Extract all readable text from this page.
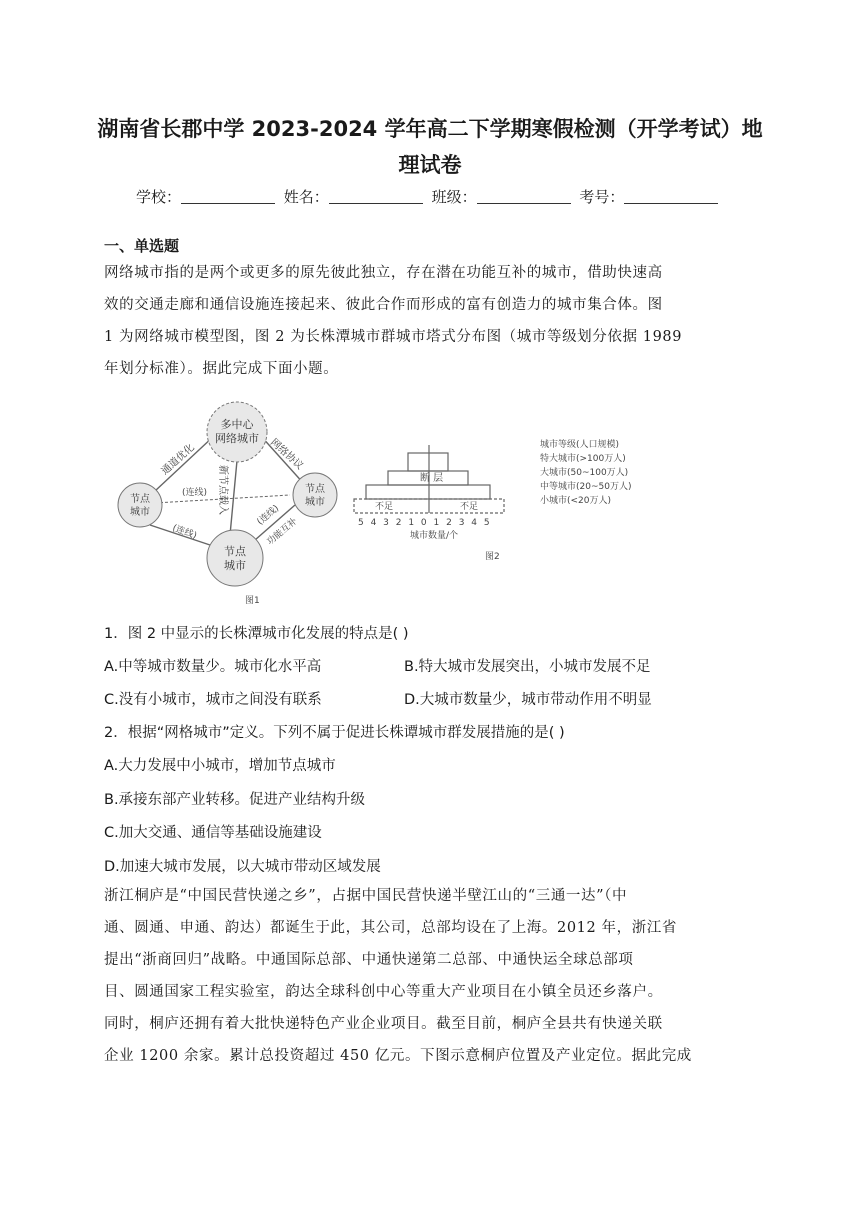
湖南省长郡中学 2023-2024 学年高二下学期寒假检测（开学考试）地
理试卷
学校：	姓名：	班级：	考号：
一、单选题
网络城市指的是两个或更多的原先彼此独立，存在潜在功能互补的城市，借助快速高
效的交通走廊和通信设施连接起来、彼此合作而形成的富有创造力的城市集合体。图
1 为网络城市模型图，图 2 为长株潭城市群城市塔式分布图（城市等级划分依据 1989
年划分标准）。据此完成下面小题。
多中心网络城市
节点城市
节点城市
节点城市
通道优化	网络协议
新节点载入
(连线)
(连线)
(连线)
功能互补
图1
断 层
不足	不足
5 4 3 2 1 0 1 2 3 4 5
城市数量/个
图2
城市等级(人口规模)
特大城市(>100万人)
大城市(50~100万人)
中等城市(20~50万人)
小城市(<20万人)
1．图 2 中显示的长株潭城市化发展的特点是( )
A.中等城市数量少。城市化水平高	B.特大城市发展突出，小城市发展不足
C.没有小城市，城市之间没有联系	D.大城市数量少，城市带动作用不明显
2．根据“网格城市”定义。下列不属于促进长株谭城市群发展措施的是( )
A.大力发展中小城市，增加节点城市
B.承接东部产业转移。促进产业结构升级
C.加大交通、通信等基础设施建设
D.加速大城市发展，以大城市带动区域发展
浙江桐庐是“中国民营快递之乡”，占据中国民营快递半壁江山的“三通一达”（中
通、圆通、申通、韵达）都诞生于此，其公司，总部均设在了上海。2012 年，浙江省
提出“浙商回归”战略。中通国际总部、中通快递第二总部、中通快运全球总部项
目、圆通国家工程实验室，韵达全球科创中心等重大产业项目在小镇全员还乡落户。
同时，桐庐还拥有着大批快递特色产业企业项目。截至目前，桐庐全县共有快递关联
企业 1200 余家。累计总投资超过 450 亿元。下图示意桐庐位置及产业定位。据此完成
